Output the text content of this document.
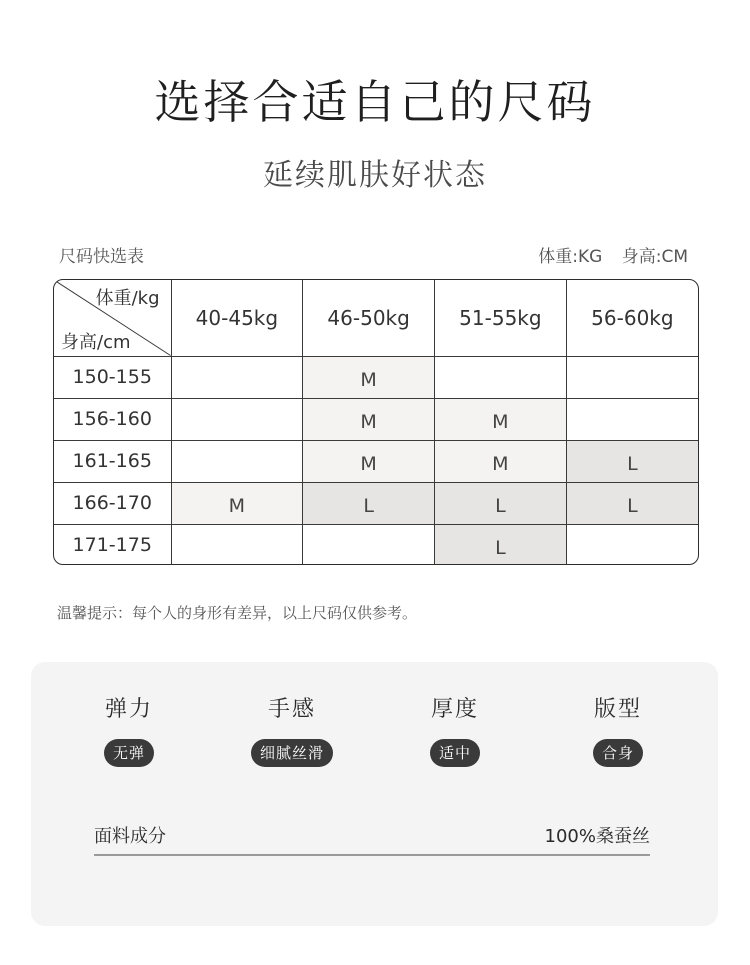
选择合适自己的尺码
延续肌肤好状态
尺码快选表	体重:KG 身高:CM
体重/kg
身高/cm	40-45kg	46-50kg	51-55kg	56-60kg
150-155		M		
156-160		M	M	
161-165		M	M	L
166-170	M	L	L	L
171-175			L	
温馨提示：每个人的身形有差异，以上尺码仅供参考。
弹力
无弹
手感
细腻丝滑
厚度
适中
版型
合身
面料成分	100%桑蚕丝
